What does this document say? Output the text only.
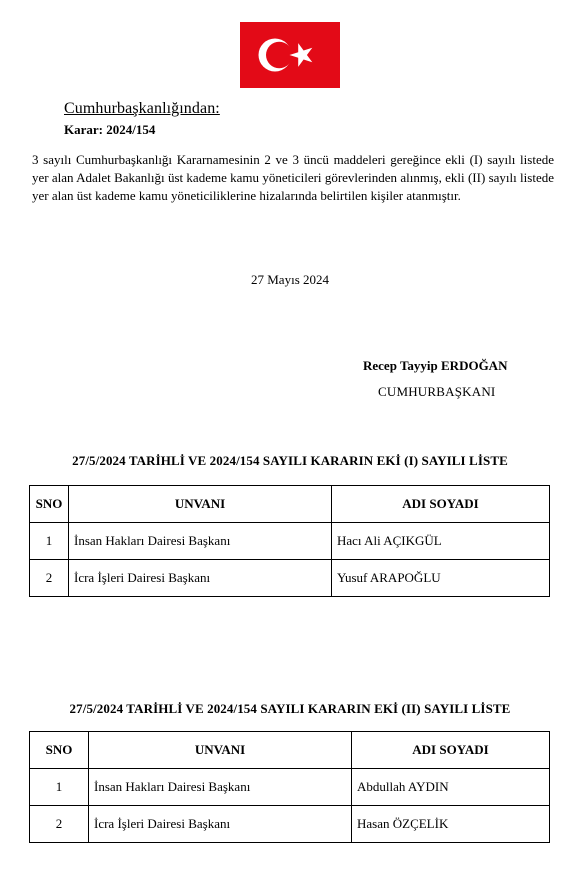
Cumhurbaşkanlığından:
Karar: 2024/154
3 sayılı Cumhurbaşkanlığı Kararnamesinin 2 ve 3 üncü maddeleri gereğince ekli (I) sayılı listede yer alan Adalet Bakanlığı üst kademe kamu yöneticileri görevlerinden alınmış, ekli (II) sayılı listede yer alan üst kademe kamu yöneticiliklerine hizalarında belirtilen kişiler atanmıştır.
27 Mayıs 2024
Recep Tayyip ERDOĞAN
CUMHURBAŞKANI
27/5/2024 TARİHLİ VE 2024/154 SAYILI KARARIN EKİ (I) SAYILI LİSTE
SNO	UNVANI	ADI SOYADI
1	İnsan Hakları Dairesi Başkanı	Hacı Ali AÇIKGÜL
2	İcra İşleri Dairesi Başkanı	Yusuf ARAPOĞLU
27/5/2024 TARİHLİ VE 2024/154 SAYILI KARARIN EKİ (II) SAYILI LİSTE
SNO	UNVANI	ADI SOYADI
1	İnsan Hakları Dairesi Başkanı	Abdullah AYDIN
2	İcra İşleri Dairesi Başkanı	Hasan ÖZÇELİK
